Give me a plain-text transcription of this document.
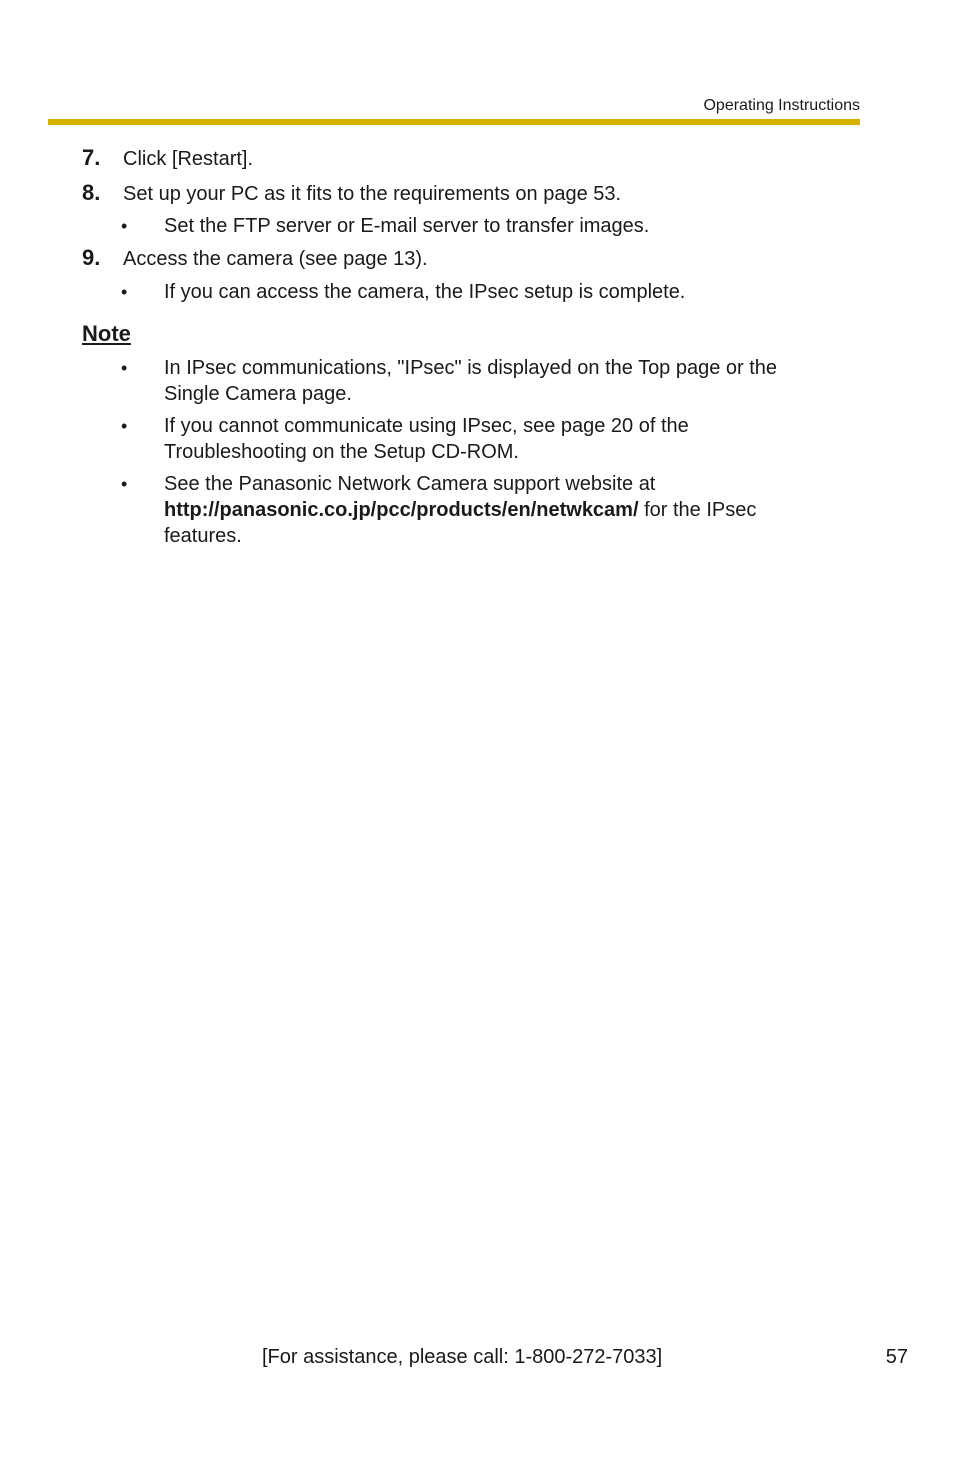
Operating Instructions
7. Click [Restart].
8. Set up your PC as it fits to the requirements on page 53.
• Set the FTP server or E-mail server to transfer images.
9. Access the camera (see page 13).
• If you can access the camera, the IPsec setup is complete.
Note
• In IPsec communications, "IPsec" is displayed on the Top page or the
Single Camera page.
• If you cannot communicate using IPsec, see page 20 of the
Troubleshooting on the Setup CD-ROM.
• See the Panasonic Network Camera support website at
http://panasonic.co.jp/pcc/products/en/netwkcam/ for the IPsec
features.
[For assistance, please call: 1-800-272-7033]	57
